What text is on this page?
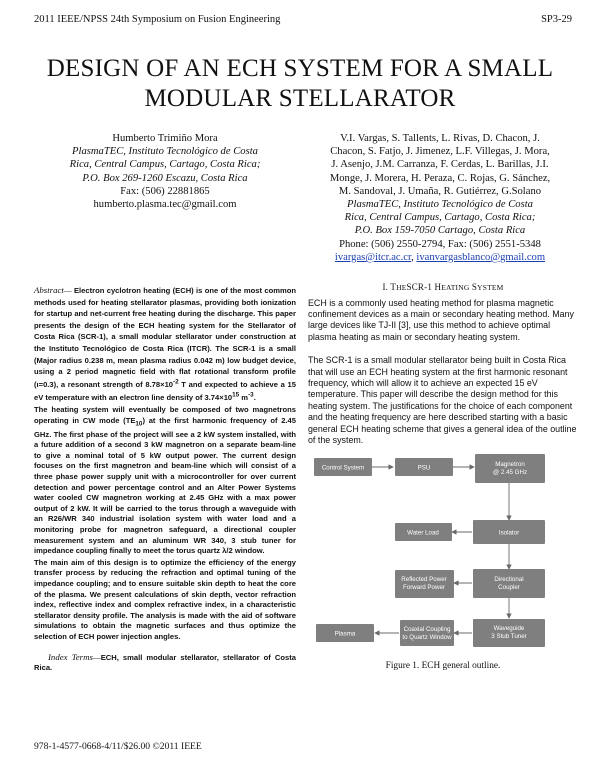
2011 IEEE/NPSS 24th Symposium on Fusion Engineering	SP3-29
DESIGN OF AN ECH SYSTEM FOR A SMALL
MODULAR STELLARATOR
Humberto Trimiño Mora
PlasmaTEC, Instituto Tecnológico de Costa
Rica, Central Campus, Cartago, Costa Rica;
P.O. Box 269-1260 Escazu, Costa Rica
Fax: (506) 22881865
humberto.plasma.tec@gmail.com
V.I. Vargas, S. Tallents, L. Rivas, D. Chacon, J.
Chacon, S. Fatjo, J. Jimenez, L.F. Villegas, J. Mora,
J. Asenjo, J.M. Carranza, F. Cerdas, L. Barillas, J.I.
Monge, J. Morera, H. Peraza, C. Rojas, G. Sánchez,
M. Sandoval, J. Umaña, R. Gutiérrez, G.Solano
PlasmaTEC, Instituto Tecnológico de Costa
Rica, Central Campus, Cartago, Costa Rica;
P.O. Box 159-7050 Cartago, Costa Rica
Phone: (506) 2550-2794, Fax: (506) 2551-5348
ivargas@itcr.ac.cr, ivanvargasblanco@gmail.com

Abstract— Electron cyclotron heating (ECH) is one of the most common methods used for heating stellarator plasmas, providing both ionization for startup and net-current free heating during the discharge. This paper presents the design of the ECH heating system for the Stellarator of Costa Rica (SCR-1), a small modular stellarator under construction at the Instituto Tecnológico de Costa Rica (ITCR). The SCR-1 is a small (Major radius 0.238 m, mean plasma radius 0.042 m) low budget device, using a 2 period magnetic field with flat rotational transform profile (ι=0.3), a resonant strength of $8.78\times 10^{-2}$ T and expected to achieve a 15 eV temperature with an electron line density of $3.74\times 10^{15}$ $m^{-3}$.

The heating system will eventually be composed of two magnetrons operating in CW mode $(TE_{10})$ at the first harmonic frequency of 2.45 GHz. The first phase of the project will see a 2 kW system installed, with a future addition of a second 3 kW magnetron on a separate beam-line to give a nominal total of 5 kW output power. The current design focuses on the first magnetron and beam-line which will consist of a three phase power supply unit with a microcontroller for over current detection and power percentage control and an Alter Power Systems water cooled CW magnetron working at 2.45 GHz with a max power output of 2 kW. It will be carried to the torus through a waveguide with an R26/WR 340 industrial isolation system with water load and a monitoring probe for magnetron safeguard, a directional coupler measurement system and an aluminum WR 340, 3 stub tuner for impedance coupling finally to meet the torus quartz λ/2 window.

The main aim of this design is to optimize the efficiency of the energy transfer process by reducing the refraction and optimal tuning of the impedance coupling; and to ensure suitable skin depth to heat the core of the plasma. We present calculations of skin depth, vector refraction index, reflective index and complex refractive index, in a characteristic stellarator density profile. The analysis is made with the aid of software simulations to obtain the magnetic surfaces and thus optimize the selection of ECH power injection angles.

Index Terms—ECH, small modular stellarator, stellarator of Costa Rica.

I. THESCR-1 HEATING SYSTEM

ECH is a commonly used heating method for plasma magnetic confinement devices as a main or secondary heating method. Many large devices like TJ-II [3], use this method to achieve optimal plasma heating as main or secondary heating system.

The SCR-1 is a small modular stellarator being built in Costa Rica that will use an ECH heating system at the first harmonic resonant frequency, which will allow it to achieve an expected 15 eV temperature. This paper will describe the design method for this heating system. The justifications for the choice of each component and the heating frequency are here described starting with a basic general ECH heating scheme that gives a general idea of the outline of the system.

Control System	PSU	Magnetron
@ 2.45 GHz
Water Load	Isolator
Reflected Power
Forward Power
Directional
Coupler
Plasma
Coaxial Coupling
to Quartz Window
Waveguide
3 Stub Tuner
Figure 1. ECH general outline.
978-1-4577-0668-4/11/$26.00 ©2011 IEEE
